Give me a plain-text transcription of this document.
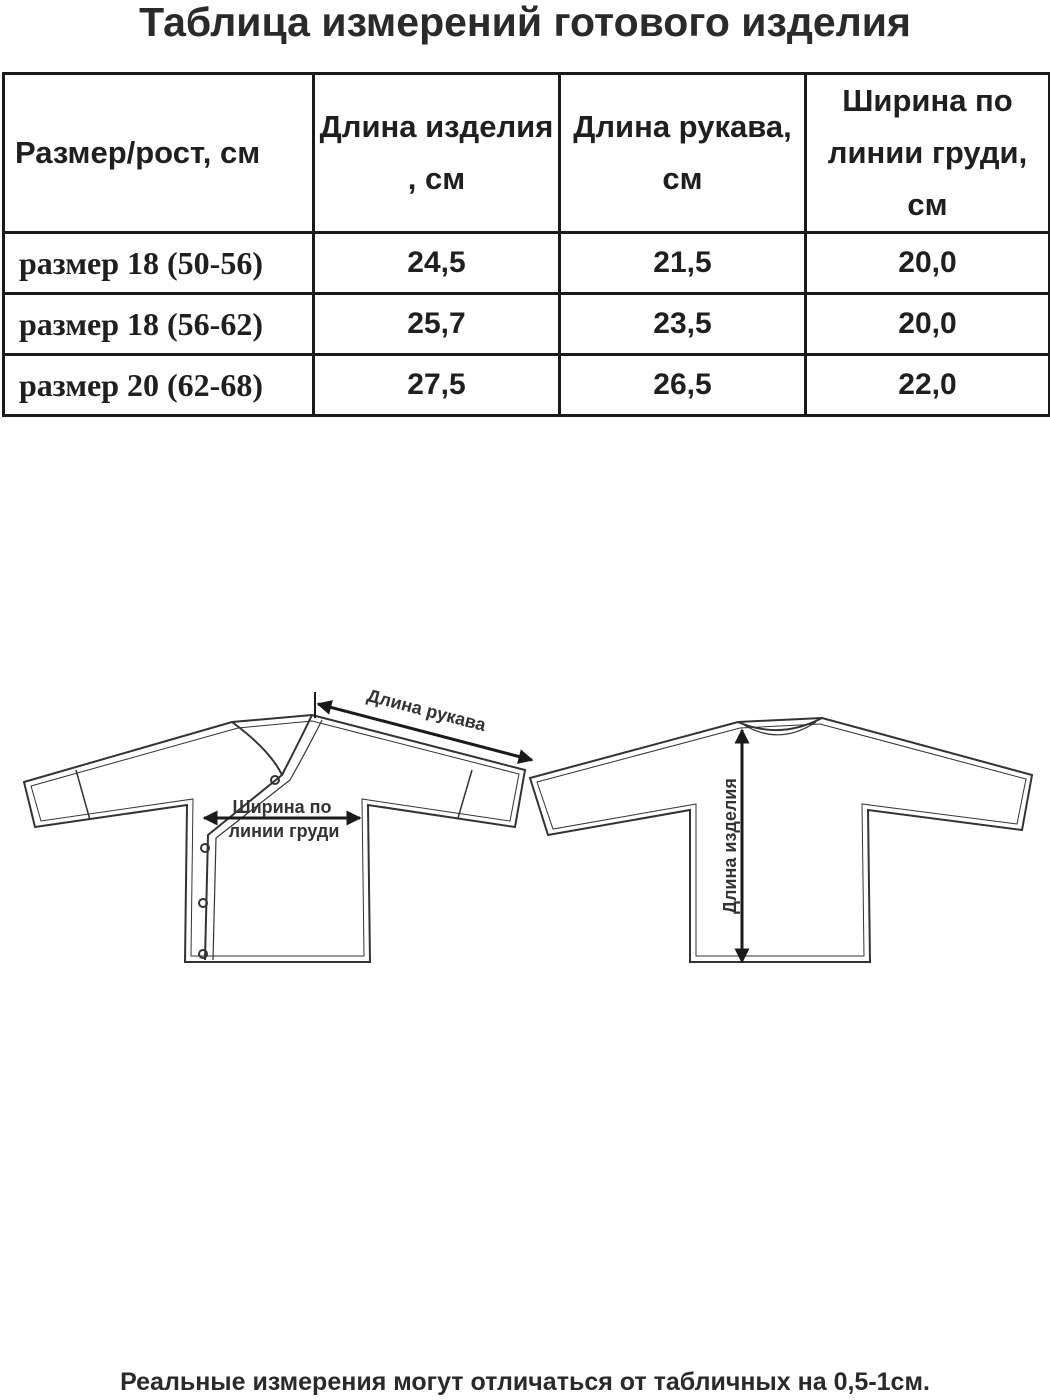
Таблица измерений готового изделия
Размер/рост, см	Длина изделия , см	Длина рукава, см	Ширина по линии груди, см
размер 18 (50-56)	24,5	21,5	20,0
размер 18 (56-62)	25,7	23,5	20,0
размер 20 (62-68)	27,5	26,5	22,0
Длина рукава
Ширина по
линии груди	Длина изделия

Реальные измерения могут отличаться от табличных на 0,5-1см.
